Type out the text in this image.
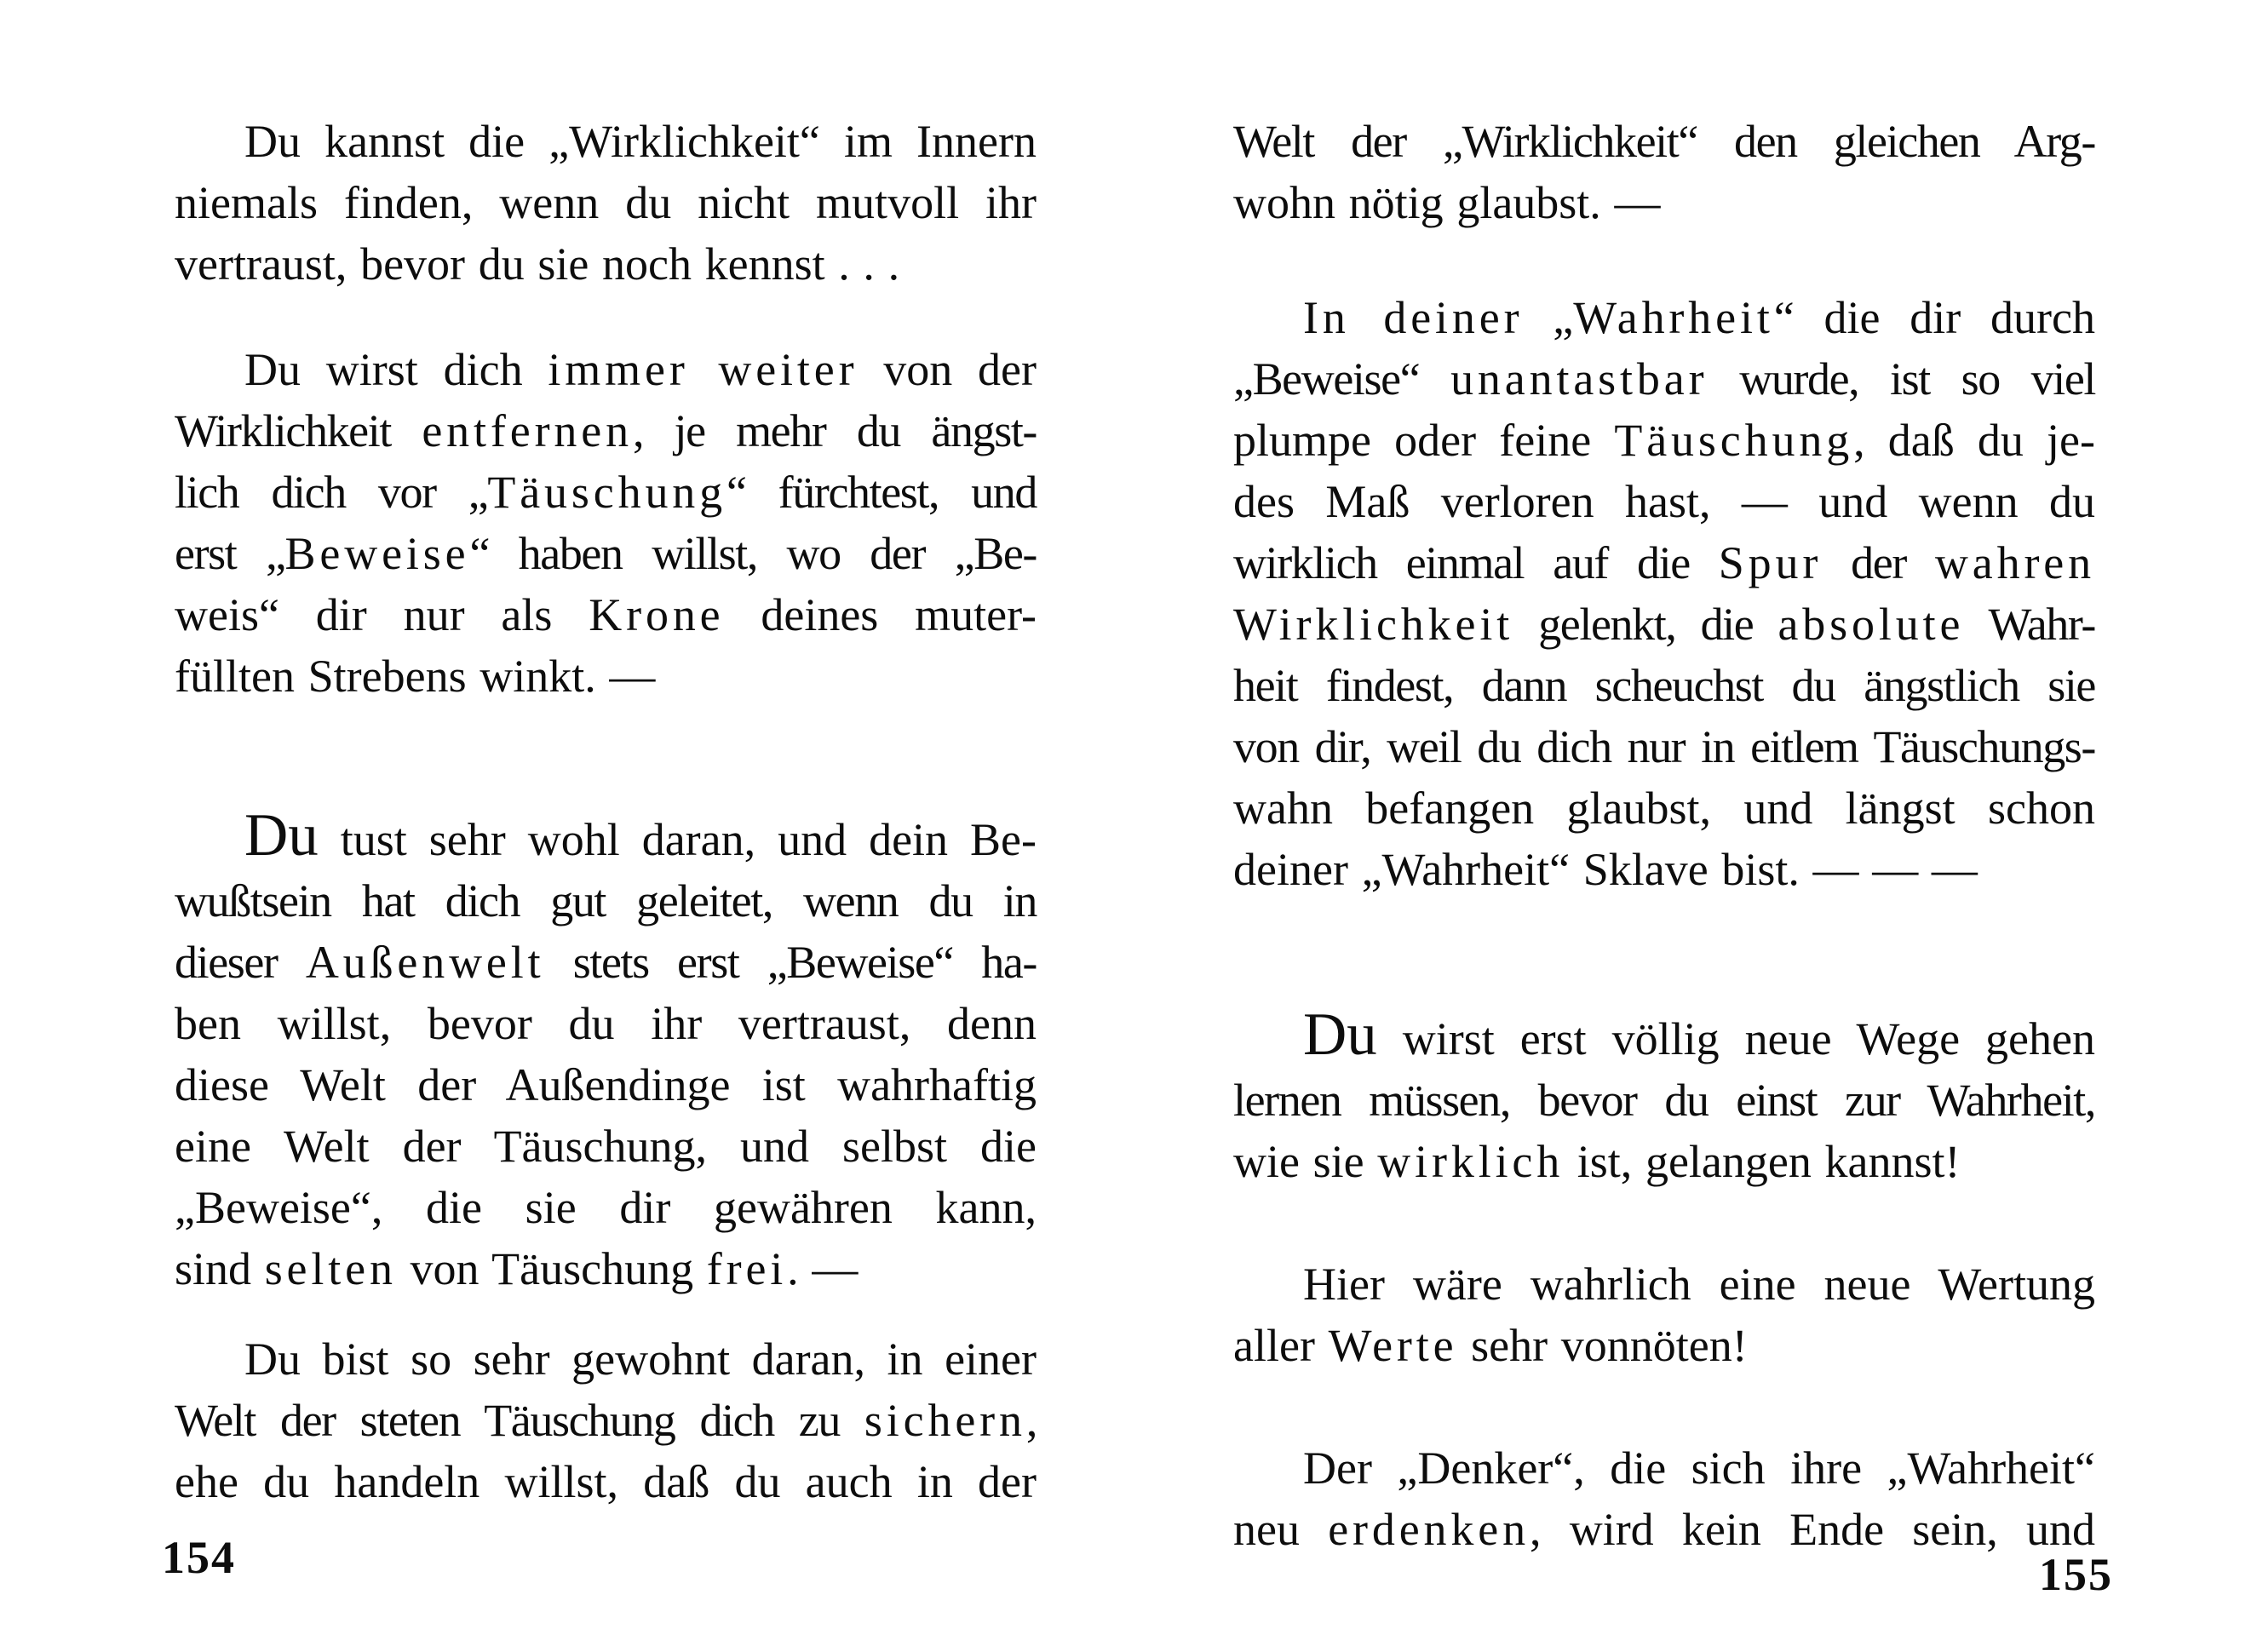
Du kannst die „Wirklichkeit“ im Innern
niemals finden, wenn du nicht mutvoll ihr
vertraust, bevor du sie noch kennst . . .
Du wirst dich immer weiter von der
Wirklichkeit entfernen, je mehr du ängst-
lich dich vor „Täuschung“ fürchtest, und
erst „Beweise“ haben willst, wo der „Be-
weis“ dir nur als Krone deines muter-
füllten Strebens winkt. —
Du tust sehr wohl daran, und dein Be-
wußtsein hat dich gut geleitet, wenn du in
dieser Außenwelt stets erst „Beweise“ ha-
ben willst, bevor du ihr vertraust, denn
diese Welt der Außendinge ist wahrhaftig
eine Welt der Täuschung, und selbst die
„Beweise“, die sie dir gewähren kann,
sind selten von Täuschung frei. —
Du bist so sehr gewohnt daran, in einer
Welt der steten Täuschung dich zu sichern,
ehe du handeln willst, daß du auch in der
Welt der „Wirklichkeit“ den gleichen Arg-
wohn nötig glaubst. —
In deiner „Wahrheit“ die dir durch
„Beweise“ unantastbar wurde, ist so viel
plumpe oder feine Täuschung, daß du je-
des Maß verloren hast, — und wenn du
wirklich einmal auf die Spur der wahren
Wirklichkeit gelenkt, die absolute Wahr-
heit findest, dann scheuchst du ängstlich sie
von dir, weil du dich nur in eitlem Täuschungs-
wahn befangen glaubst, und längst schon
deiner „Wahrheit“ Sklave bist. — — —
Du wirst erst völlig neue Wege gehen
lernen müssen, bevor du einst zur Wahrheit,
wie sie wirklich ist, gelangen kannst!
Hier wäre wahrlich eine neue Wertung
aller Werte sehr vonnöten!
Der „Denker“, die sich ihre „Wahrheit“
neu erdenken, wird kein Ende sein, und
154	155
